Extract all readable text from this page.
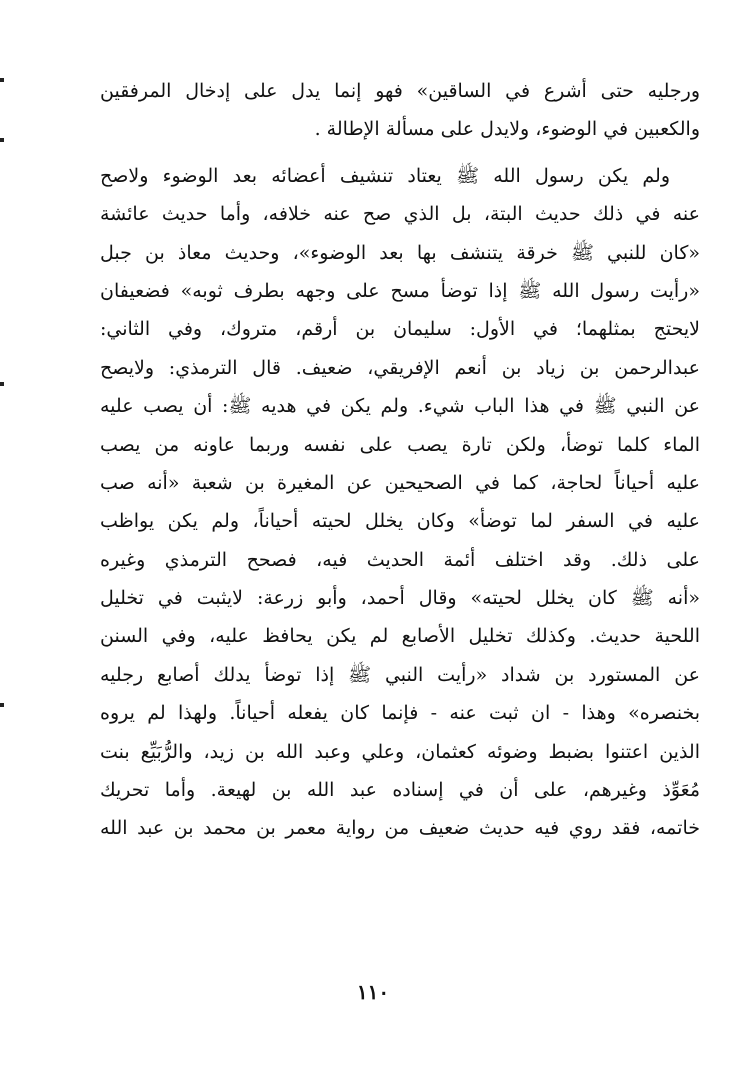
ورجليه حتى أشرع في الساقين» فهو إنما يدل على إدخال المرفقين
والكعبين في الوضوء، ولايدل على مسألة الإطالة .
ولم يكن رسول الله ﷺ يعتاد تنشيف أعضائه بعد الوضوء ولاصح
عنه في ذلك حديث البتة، بل الذي صح عنه خلافه، وأما حديث عائشة
«كان للنبي ﷺ خرقة يتنشف بها بعد الوضوء»، وحديث معاذ بن جبل
«رأيت رسول الله ﷺ إذا توضأ مسح على وجهه بطرف ثوبه» فضعيفان
لايحتج بمثلهما؛ في الأول: سليمان بن أرقم، متروك، وفي الثاني:
عبدالرحمن بن زياد بن أنعم الإفريقي، ضعيف. قال الترمذي: ولايصح
عن النبي ﷺ في هذا الباب شيء. ولم يكن في هديه ﷺ: أن يصب عليه
الماء كلما توضأ، ولكن تارة يصب على نفسه وربما عاونه من يصب
عليه أحياناً لحاجة، كما في الصحيحين عن المغيرة بن شعبة «أنه صب
عليه في السفر لما توضأ» وكان يخلل لحيته أحياناً، ولم يكن يواظب
على ذلك. وقد اختلف أئمة الحديث فيه، فصحح الترمذي وغيره
«أنه ﷺ كان يخلل لحيته» وقال أحمد، وأبو زرعة: لايثبت في تخليل
اللحية حديث. وكذلك تخليل الأصابع لم يكن يحافظ عليه، وفي السنن
عن المستورد بن شداد «رأيت النبي ﷺ إذا توضأ يدلك أصابع رجليه
بخنصره» وهذا - ان ثبت عنه - فإنما كان يفعله أحياناً. ولهذا لم يروه
الذين اعتنوا بضبط وضوئه كعثمان، وعلي وعبد الله بن زيد، والرُّبَيِّع بنت
مُعَوِّذ وغيرهم، على أن في إسناده عبد الله بن لهيعة. وأما تحريك
خاتمه، فقد روي فيه حديث ضعيف من رواية معمر بن محمد بن عبد الله
١١٠
